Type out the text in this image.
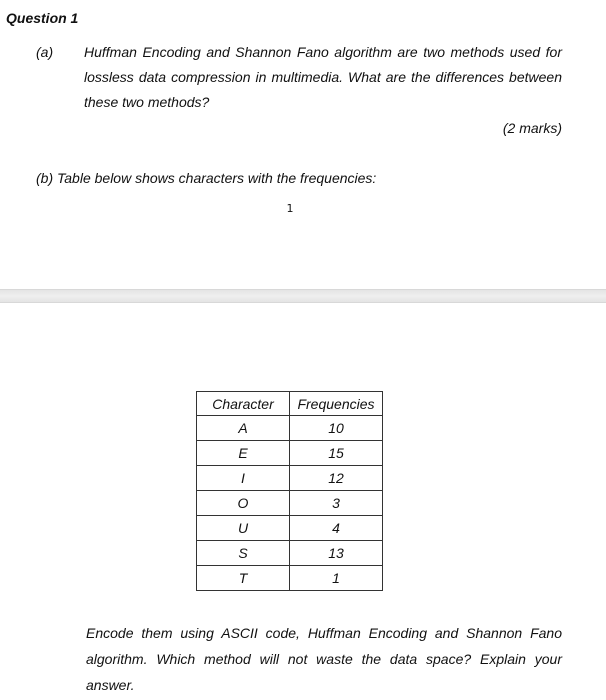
Question 1
(a) Huffman Encoding and Shannon Fano algorithm are two methods used for lossless data compression in multimedia. What are the differences between these two methods?
(2 marks)
(b) Table below shows characters with the frequencies:
1
Character	Frequencies
A	10
E	15
I	12
O	3
U	4
S	13
T	1
Encode them using ASCII code, Huffman Encoding and Shannon Fano algorithm. Which method will not waste the data space? Explain your answer.
